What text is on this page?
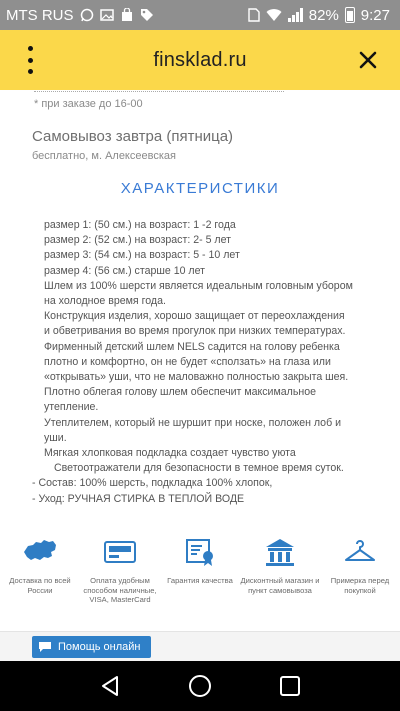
MTS RUS	82% 9:27
finsklad.ru
* при заказе до 16-00
Самовывоз завтра (пятница)
бесплатно, м. Алексеевская
ХАРАКТЕРИСТИКИ
размер 1: (50 см.) на возраст: 1 -2 года
размер 2: (52 см.) на возраст: 2- 5 лет
размер 3: (54 см.) на возраст: 5 - 10 лет
размер 4: (56 см.) старше 10 лет
Шлем из 100% шерсти является идеальным головным убором
на холодное время года.
Конструкция изделия, хорошо защищает от переохлаждения
и обветривания во время прогулок при низких температурах.
Фирменный детский шлем NELS садится на голову ребенка
плотно и комфортно, он не будет «сползать» на глаза или
«открывать» уши, что не маловажно полностью закрыта шея.
Плотно облегая голову шлем обеспечит максимальное
утепление.
Утеплителем, который не шуршит при носке, положен лоб и
уши.
Мягкая хлопковая подкладка создает чувство уюта
Светоотражатели для безопасности в темное время суток.
- Состав: 100% шерсть, подкладка 100% хлопок,
- Уход: РУЧНАЯ СТИРКА В ТЕПЛОЙ ВОДЕ
Доставка по всей России
Оплата удобным способом наличные, VISA, MasterCard
Гарантия качества	Дисконтный магазин и пункт самовывоза
Примерка перед покупкой
Помощь онлайн
